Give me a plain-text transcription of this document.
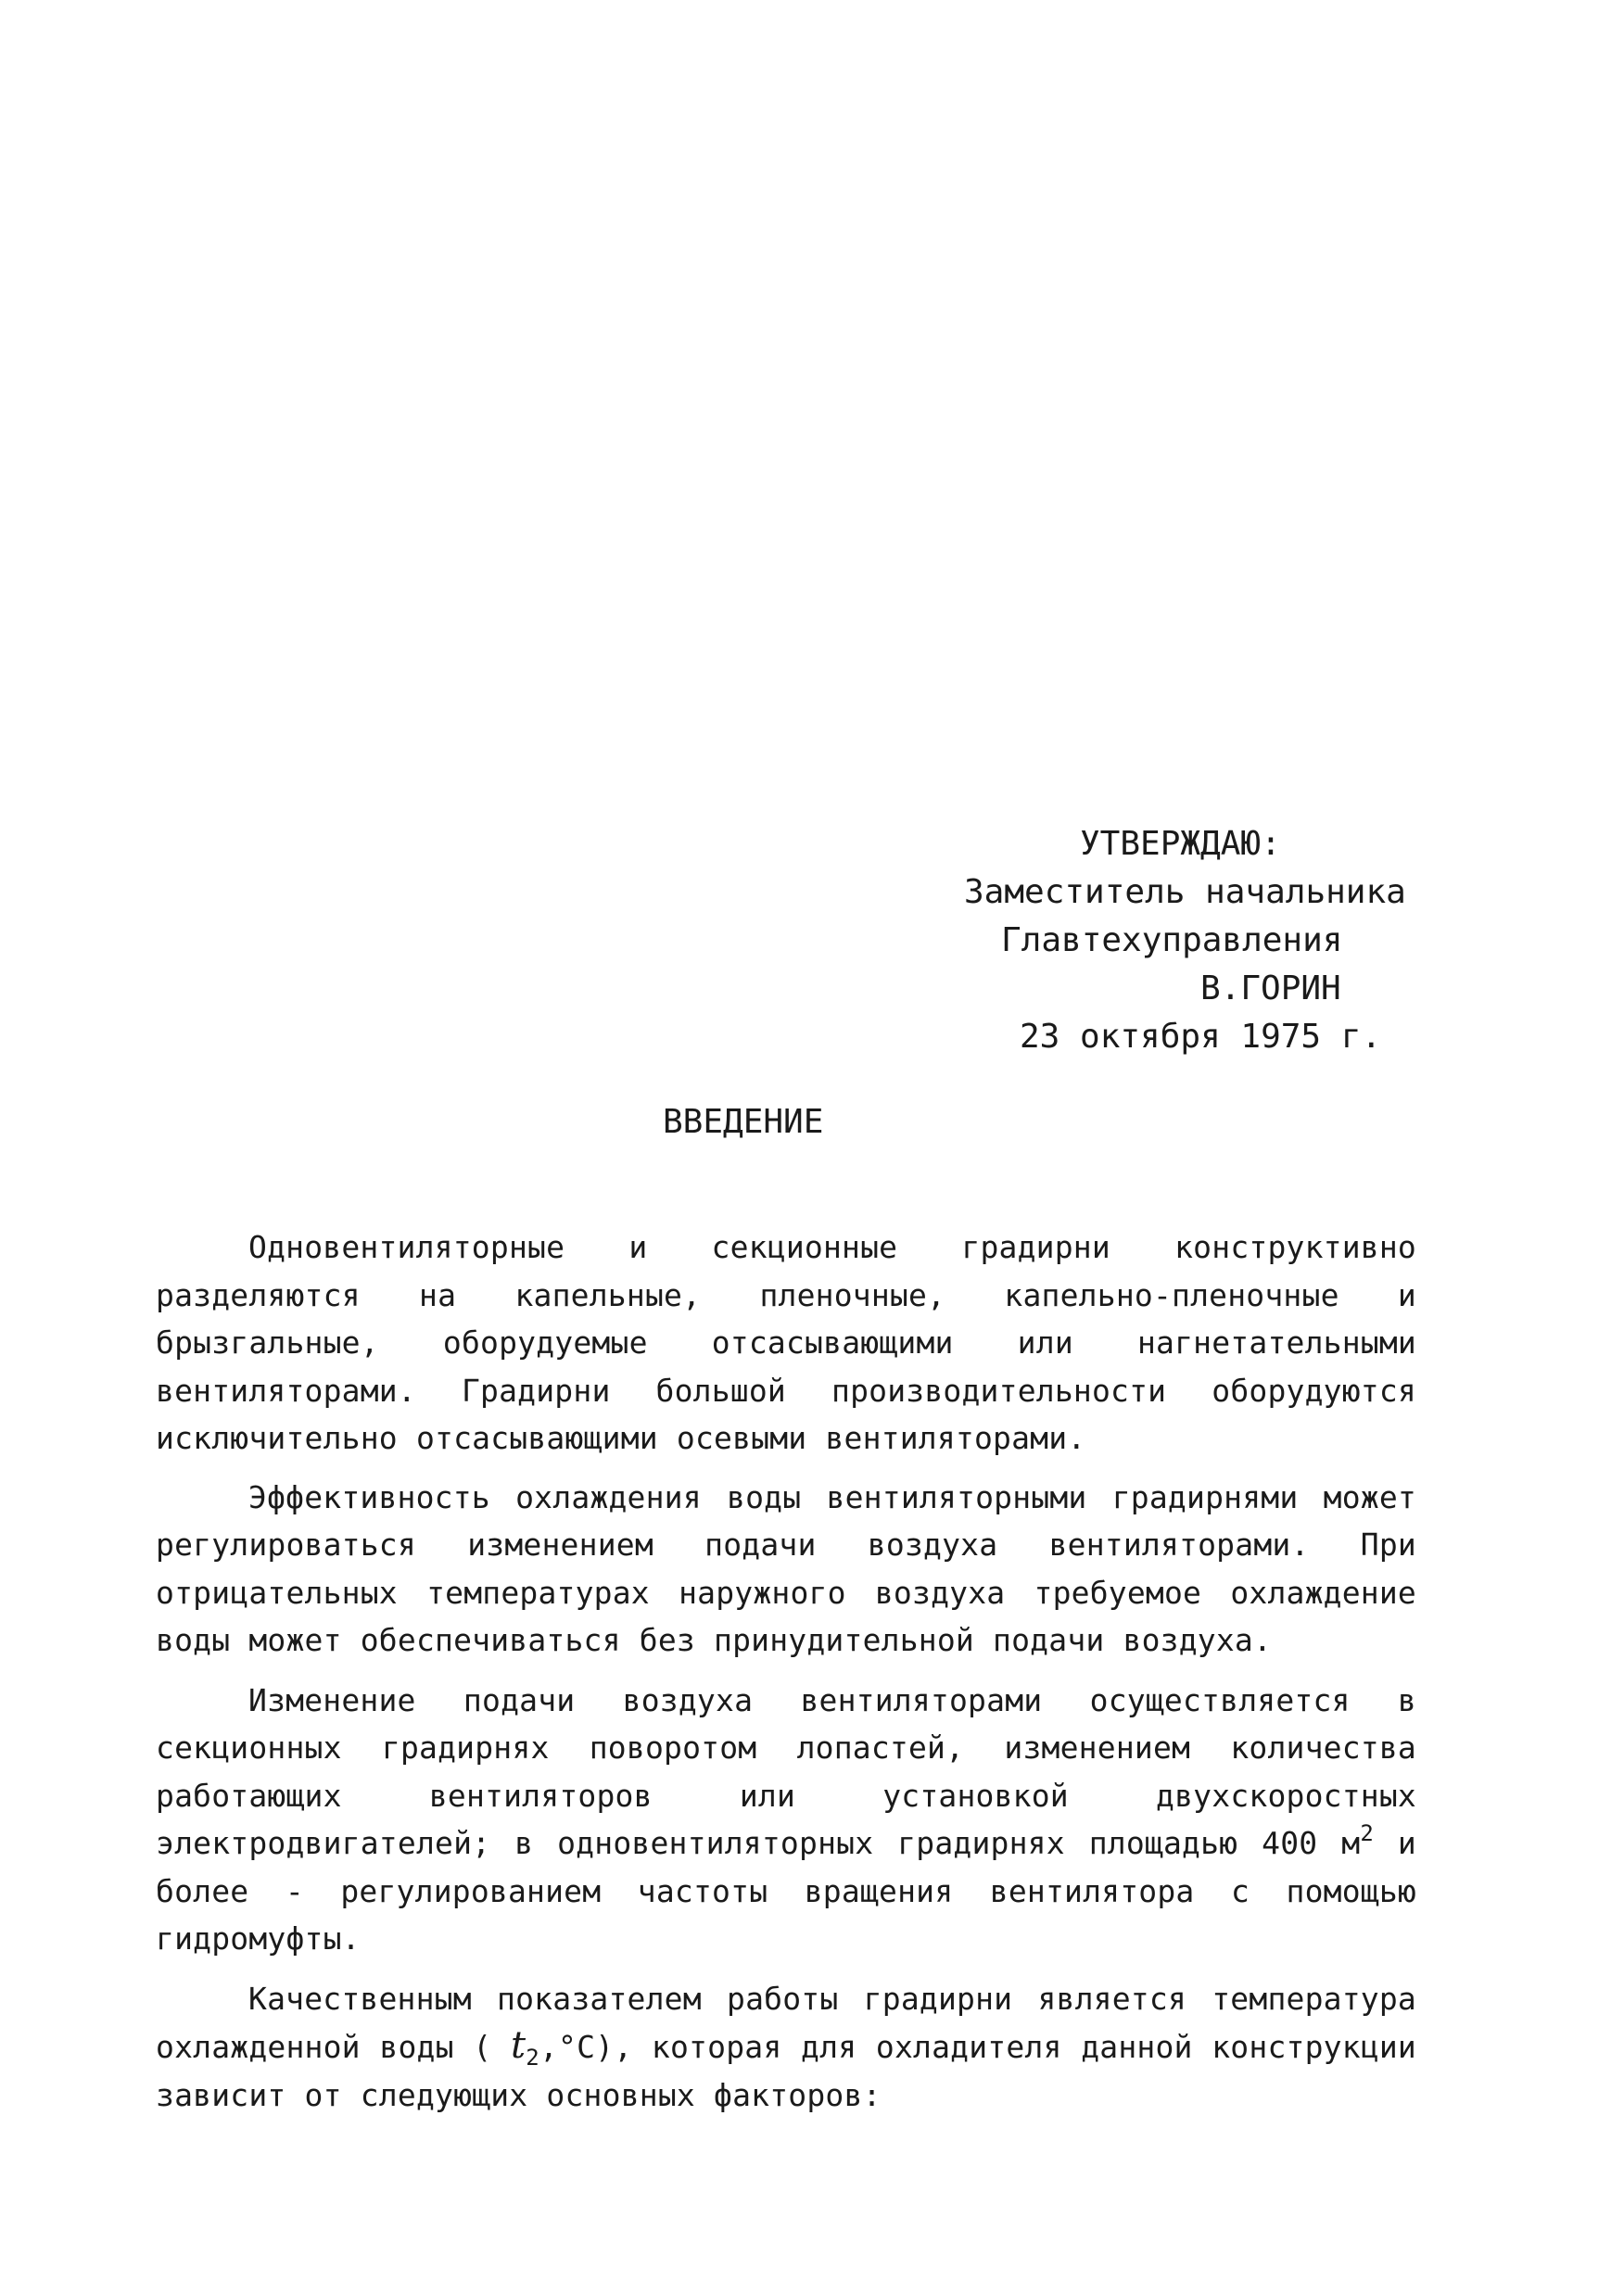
УТВЕРЖДАЮ:
Заместитель начальника
Главтехуправления
В.ГОРИН
23 октября 1975 г.
ВВЕДЕНИЕ

Одновентиляторные и секционные градирни конструктивно разделяются на капельные, пленочные, капельно-пленочные и брызгальные, оборудуемые отсасывающими или нагнетательными вентиляторами. Градирни большой производительности оборудуются исключительно отсасывающими осевыми вентиляторами.

Эффективность охлаждения воды вентиляторными градирнями может регулироваться изменением подачи воздуха вентиляторами. При отрицательных температурах наружного воздуха требуемое охлаждение воды может обеспечиваться без принудительной подачи воздуха.

Изменение подачи воздуха вентиляторами осуществляется в секционных градирнях поворотом лопастей, изменением количества работающих вентиляторов или установкой двухскоростных электродвигателей; в одновентиляторных градирнях площадью 400 $м^2$ и более - регулированием частоты вращения вентилятора с помощью гидромуфты.

Качественным показателем работы градирни является температура охлажденной воды ( $t_2,^\circ С$), которая для охладителя данной конструкции зависит от следующих основных факторов:
